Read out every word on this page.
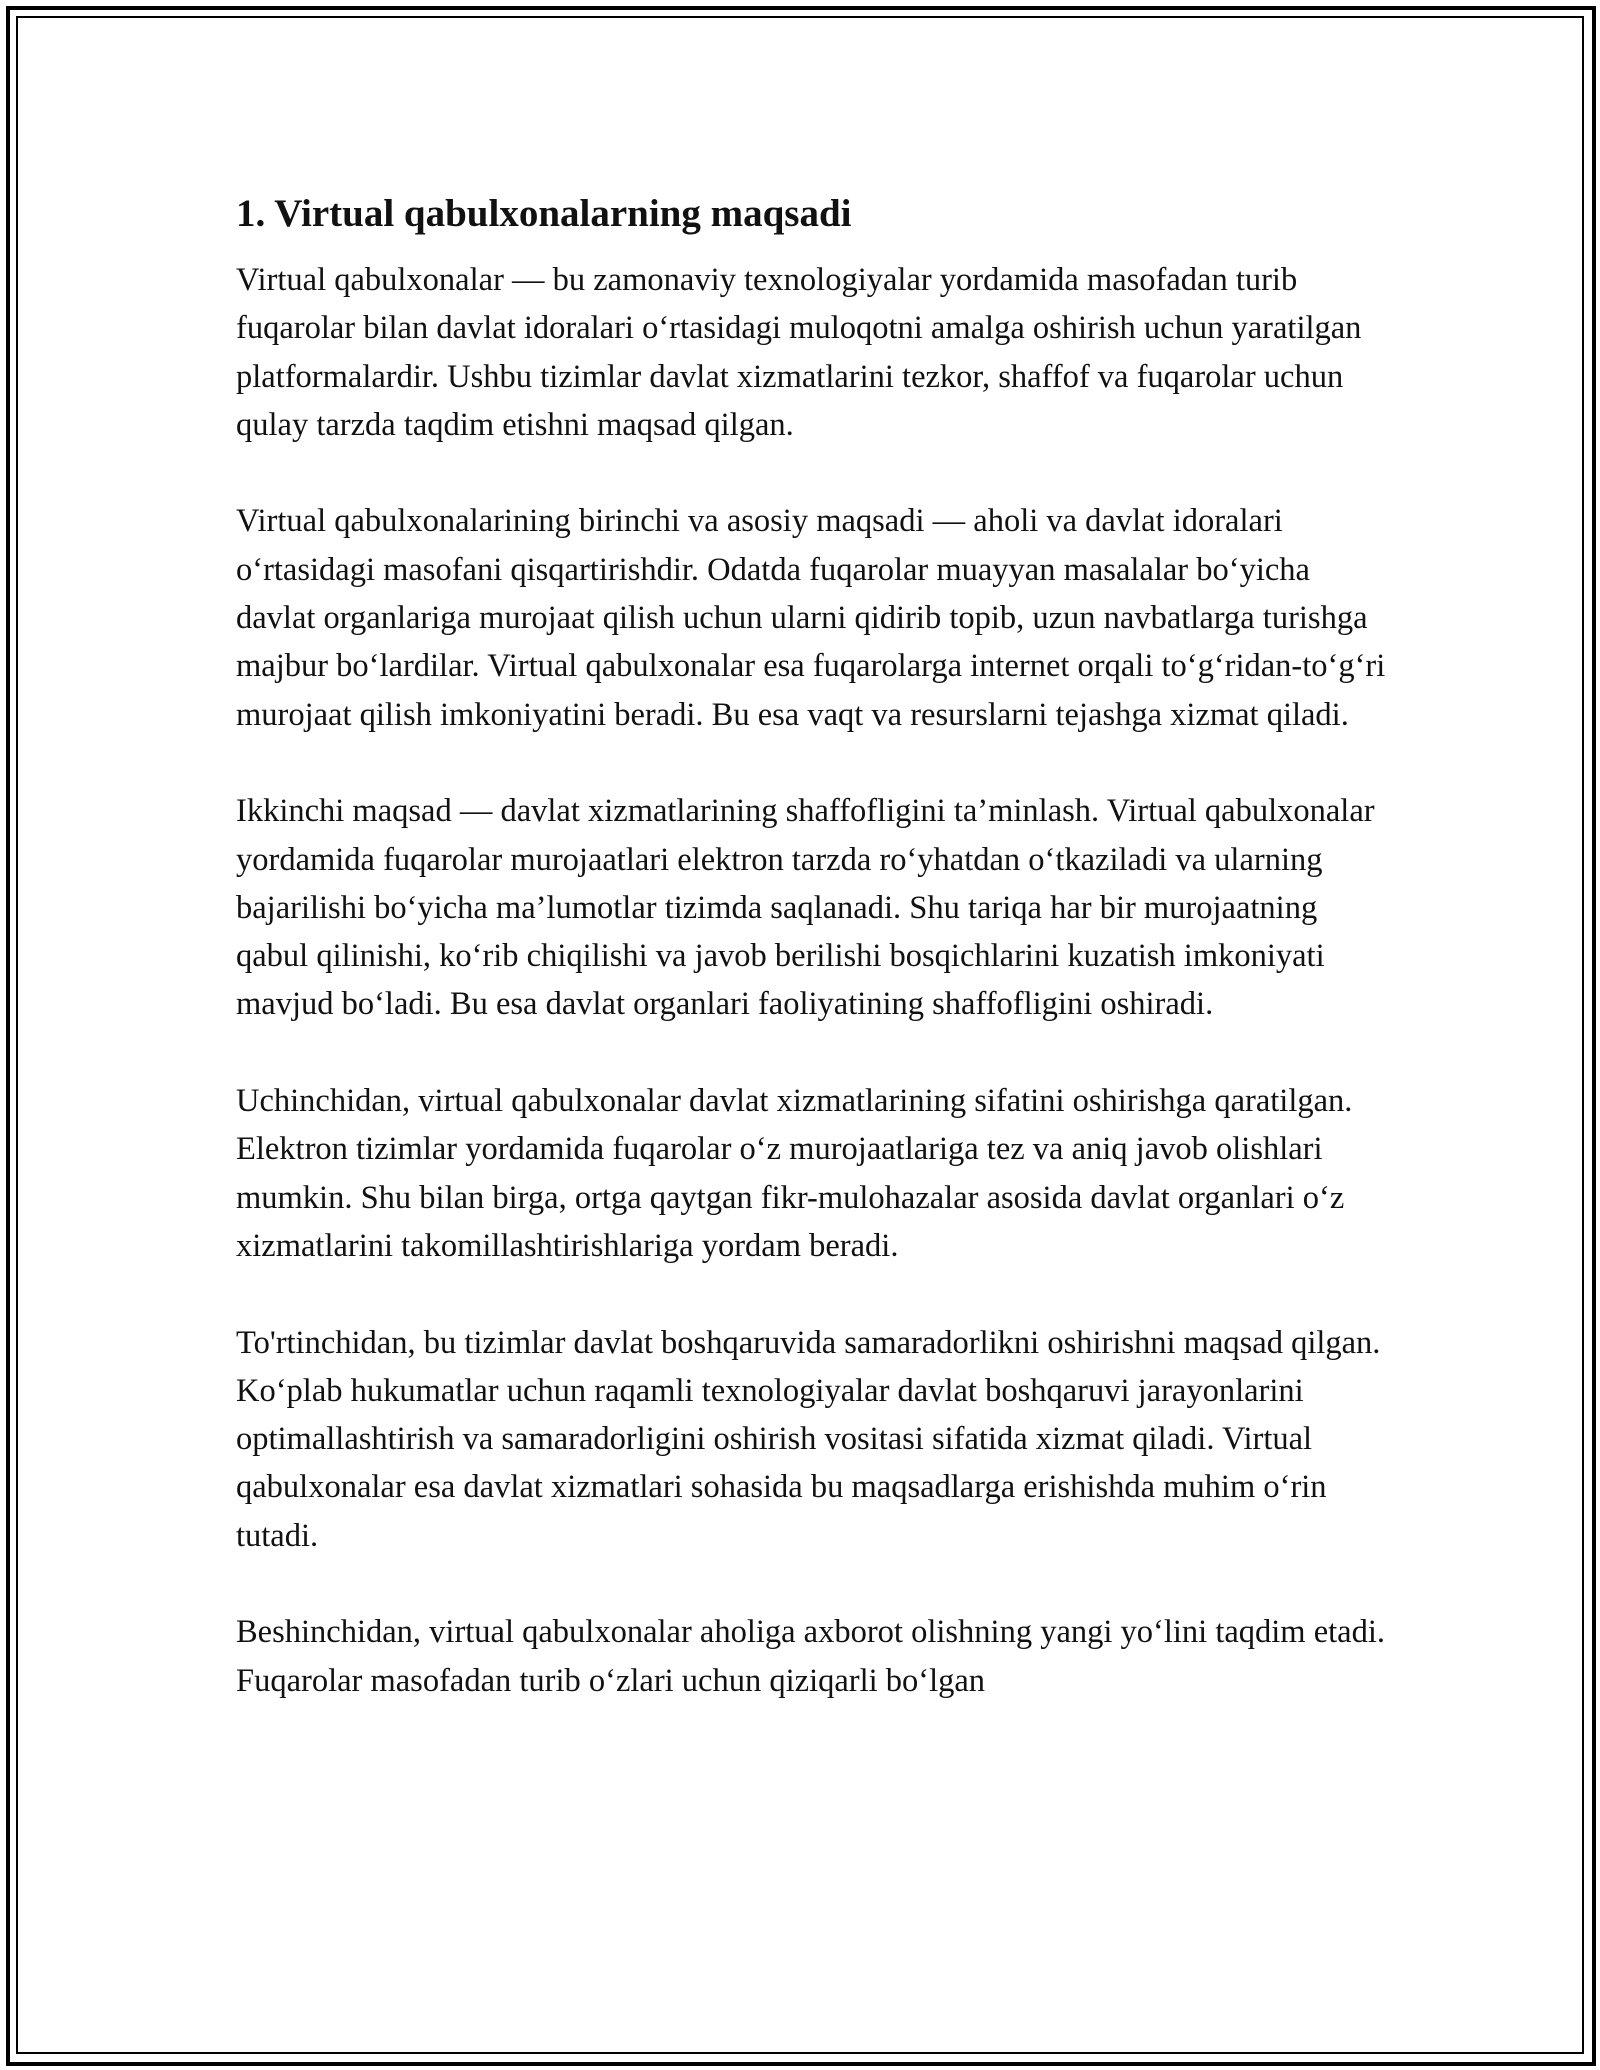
1. Virtual qabulxonalarning maqsadi

Virtual qabulxonalar — bu zamonaviy texnologiyalar yordamida masofadan turib fuqarolar bilan davlat idoralari o‘rtasidagi muloqotni amalga oshirish uchun yaratilgan platformalardir. Ushbu tizimlar davlat xizmatlarini tezkor, shaffof va fuqarolar uchun qulay tarzda taqdim etishni maqsad qilgan.

Virtual qabulxonalarining birinchi va asosiy maqsadi — aholi va davlat idoralari o‘rtasidagi masofani qisqartirishdir. Odatda fuqarolar muayyan masalalar bo‘yicha davlat organlariga murojaat qilish uchun ularni qidirib topib, uzun navbatlarga turishga majbur bo‘lardilar. Virtual qabulxonalar esa fuqarolarga internet orqali to‘g‘ridan-to‘g‘ri murojaat qilish imkoniyatini beradi. Bu esa vaqt va resurslarni tejashga xizmat qiladi.

Ikkinchi maqsad — davlat xizmatlarining shaffofligini ta’minlash. Virtual qabulxonalar yordamida fuqarolar murojaatlari elektron tarzda ro‘yhatdan o‘tkaziladi va ularning bajarilishi bo‘yicha ma’lumotlar tizimda saqlanadi. Shu tariqa har bir murojaatning qabul qilinishi, ko‘rib chiqilishi va javob berilishi bosqichlarini kuzatish imkoniyati mavjud bo‘ladi. Bu esa davlat organlari faoliyatining shaffofligini oshiradi.

Uchinchidan, virtual qabulxonalar davlat xizmatlarining sifatini oshirishga qaratilgan. Elektron tizimlar yordamida fuqarolar o‘z murojaatlariga tez va aniq javob olishlari mumkin. Shu bilan birga, ortga qaytgan fikr-mulohazalar asosida davlat organlari o‘z xizmatlarini takomillashtirishlariga yordam beradi.

To'rtinchidan, bu tizimlar davlat boshqaruvida samaradorlikni oshirishni maqsad qilgan. Ko‘plab hukumatlar uchun raqamli texnologiyalar davlat boshqaruvi jarayonlarini optimallashtirish va samaradorligini oshirish vositasi sifatida xizmat qiladi. Virtual qabulxonalar esa davlat xizmatlari sohasida bu maqsadlarga erishishda muhim o‘rin tutadi.

Beshinchidan, virtual qabulxonalar aholiga axborot olishning yangi yo‘lini taqdim etadi. Fuqarolar masofadan turib o‘zlari uchun qiziqarli bo‘lgan
